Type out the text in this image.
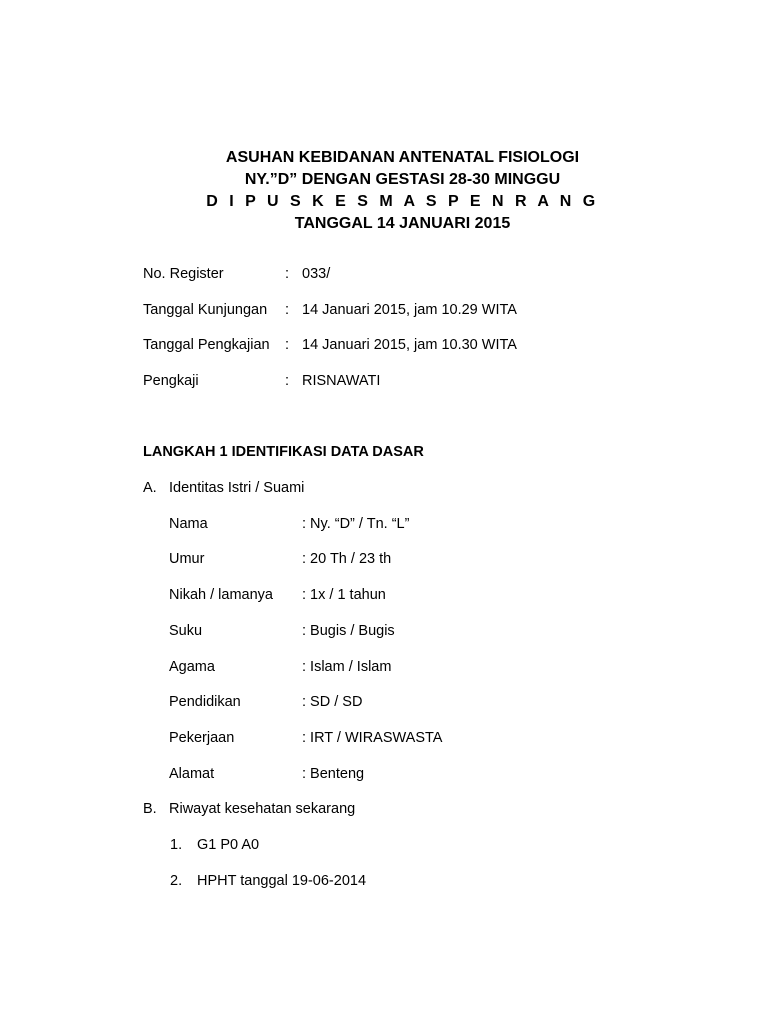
ASUHAN KEBIDANAN ANTENATAL FISIOLOGI
NY.”D” DENGAN GESTASI 28-30 MINGGU
D I P U S K E S M A S P E N R A N G
TANGGAL 14 JANUARI 2015
No. Register	: 033/
Tanggal Kunjungan : 14 Januari 2015, jam 10.29 WITA
Tanggal Pengkajian : 14 Januari 2015, jam 10.30 WITA
Pengkaji	: RISNAWATI
LANGKAH 1 IDENTIFIKASI DATA DASAR
A. Identitas Istri / Suami
Nama	: Ny. “D” / Tn. “L”
Umur	: 20 Th / 23 th
Nikah / lamanya : 1x / 1 tahun
Suku	: Bugis / Bugis
Agama	: Islam / Islam
Pendidikan	: SD / SD
Pekerjaan	: IRT / WIRASWASTA
Alamat	: Benteng
B. Riwayat kesehatan sekarang
1. G1 P0 A0
2. HPHT tanggal 19-06-2014
